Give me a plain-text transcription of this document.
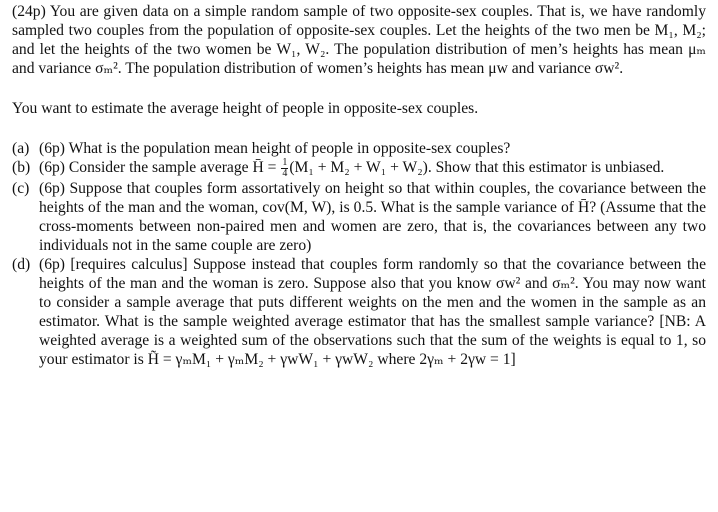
(24p) You are given data on a simple random sample of two opposite-sex couples. That is, we have randomly sampled two couples from the population of opposite-sex couples. Let the heights of the two men be M₁, M₂; and let the heights of the two women be W₁, W₂. The population distribution of men’s heights has mean μₘ and variance σₘ². The population distribution of women’s heights has mean μw and variance σw².

You want to estimate the average height of people in opposite-sex couples.

(a) (6p) What is the population mean height of people in opposite-sex couples?
(b) (6p) Consider the sample average H̄ = $\frac{1}{4} (M_1 + M_2 + W_1 + W_2)$. Show that this estimator is unbiased.
(c) (6p) Suppose that couples form assortatively on height so that within couples, the covariance between the heights of the man and the woman, cov(M, W), is 0.5. What is the sample variance of H̄? (Assume that the cross-moments between non-paired men and women are zero, that is, the covariances between any two individuals not in the same couple are zero)
(d) (6p) [requires calculus] Suppose instead that couples form randomly so that the covariance between the heights of the man and the woman is zero. Suppose also that you know σw² and σₘ². You may now want to consider a sample average that puts different weights on the men and the women in the sample as an estimator. What is the sample weighted average estimator that has the smallest sample variance? [NB: A weighted average is a weighted sum of the observations such that the sum of the weights is equal to 1, so your estimator is H̃ = γₘM₁ + γₘM₂ + γwW₁ + γwW₂ where 2γₘ + 2γw = 1]
